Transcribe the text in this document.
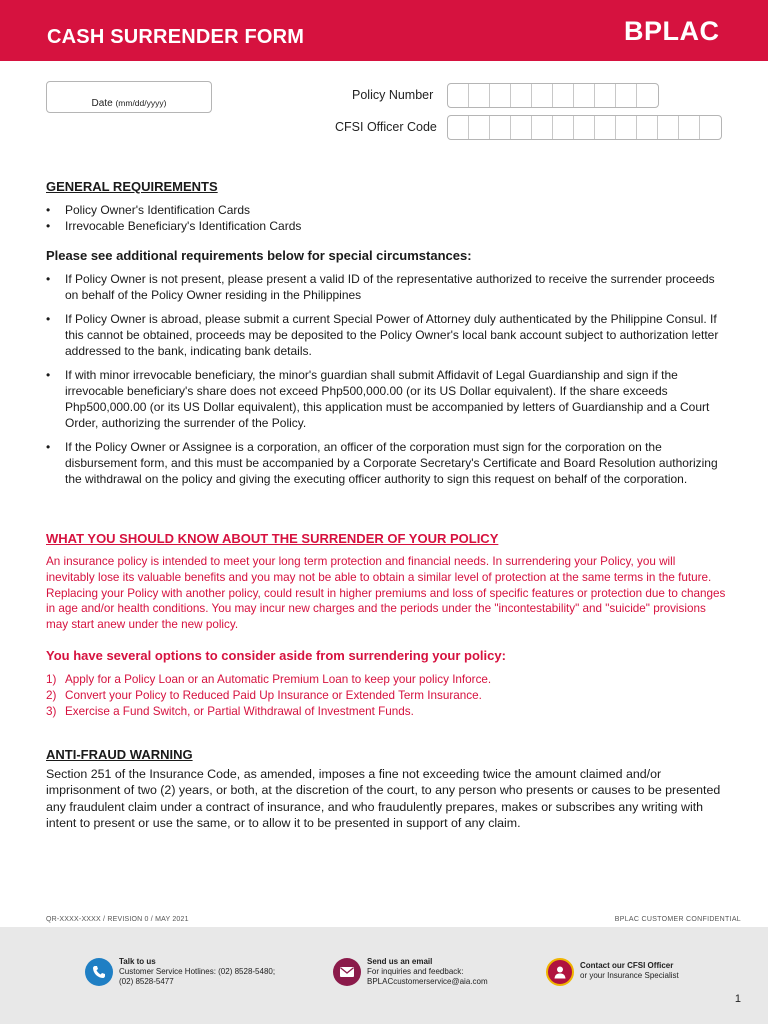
CASH SURRENDER FORM	BPLAC
Date (mm/dd/yyyy)
Policy Number
CFSI Officer Code
GENERAL REQUIREMENTS
• Policy Owner's Identification Cards
• Irrevocable Beneficiary's Identification Cards
Please see additional requirements below for special circumstances:
• If Policy Owner is not present, please present a valid ID of the representative authorized to receive the surrender proceeds on behalf of the Policy Owner residing in the Philippines
• If Policy Owner is abroad, please submit a current Special Power of Attorney duly authenticated by the Philippine Consul. If this cannot be obtained, proceeds may be deposited to the Policy Owner's local bank account subject to authorization letter addressed to the bank, indicating bank details.
• If with minor irrevocable beneficiary, the minor's guardian shall submit Affidavit of Legal Guardianship and sign if the irrevocable beneficiary's share does not exceed Php500,000.00 (or its US Dollar equivalent). If the share exceeds Php500,000.00 (or its US Dollar equivalent), this application must be accompanied by letters of Guardianship and a Court Order, authorizing the surrender of the Policy.
• If the Policy Owner or Assignee is a corporation, an officer of the corporation must sign for the corporation on the disbursement form, and this must be accompanied by a Corporate Secretary's Certificate and Board Resolution authorizing the withdrawal on the policy and giving the executing officer authority to sign this request on behalf of the corporation.
WHAT YOU SHOULD KNOW ABOUT THE SURRENDER OF YOUR POLICY
An insurance policy is intended to meet your long term protection and financial needs. In surrendering your Policy, you will inevitably lose its valuable benefits and you may not be able to obtain a similar level of protection at the same terms in the future. Replacing your Policy with another policy, could result in higher premiums and loss of specific features or protection due to changes in age and/or health conditions. You may incur new charges and the periods under the "incontestability" and "suicide" provisions may start anew under the new policy.
You have several options to consider aside from surrendering your policy:
1) Apply for a Policy Loan or an Automatic Premium Loan to keep your policy Inforce.
2) Convert your Policy to Reduced Paid Up Insurance or Extended Term Insurance.
3) Exercise a Fund Switch, or Partial Withdrawal of Investment Funds.
ANTI-FRAUD WARNING
Section 251 of the Insurance Code, as amended, imposes a fine not exceeding twice the amount claimed and/or imprisonment of two (2) years, or both, at the discretion of the court, to any person who presents or causes to be presented any fraudulent claim under a contract of insurance, and who fraudulently prepares, makes or subscribes any writing with intent to present or use the same, or to allow it to be presented in support of any claim.
QR-XXXX-XXXX / REVISION 0 / MAY 2021	BPLAC CUSTOMER CONFIDENTIAL
Talk to us
Customer Service Hotlines: (02) 8528-5480;
(02) 8528-5477
Send us an email
For inquiries and feedback:
BPLACcustomerservice@aia.com
Contact our CFSI Officer
or your Insurance Specialist
1
